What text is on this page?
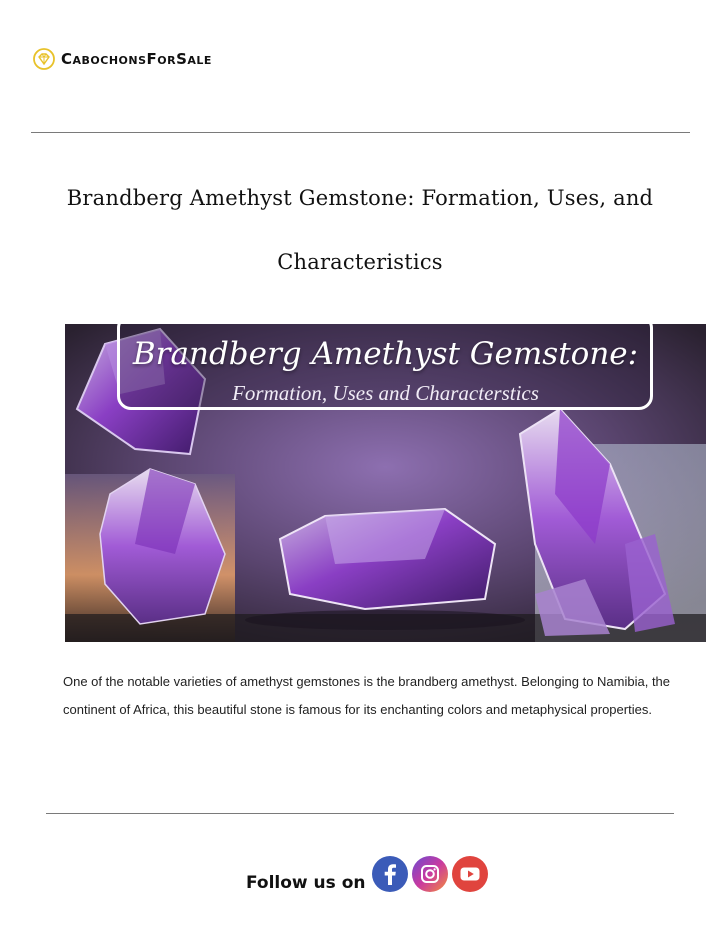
CabochonsForSale
Brandberg Amethyst Gemstone: Formation, Uses, and Characteristics
Brandberg Amethyst Gemstone:
Formation, Uses and Characterstics

One of the notable varieties of amethyst gemstones is the brandberg amethyst. Belonging to Namibia, the continent of Africa, this beautiful stone is famous for its enchanting colors and metaphysical properties.

Follow us on
